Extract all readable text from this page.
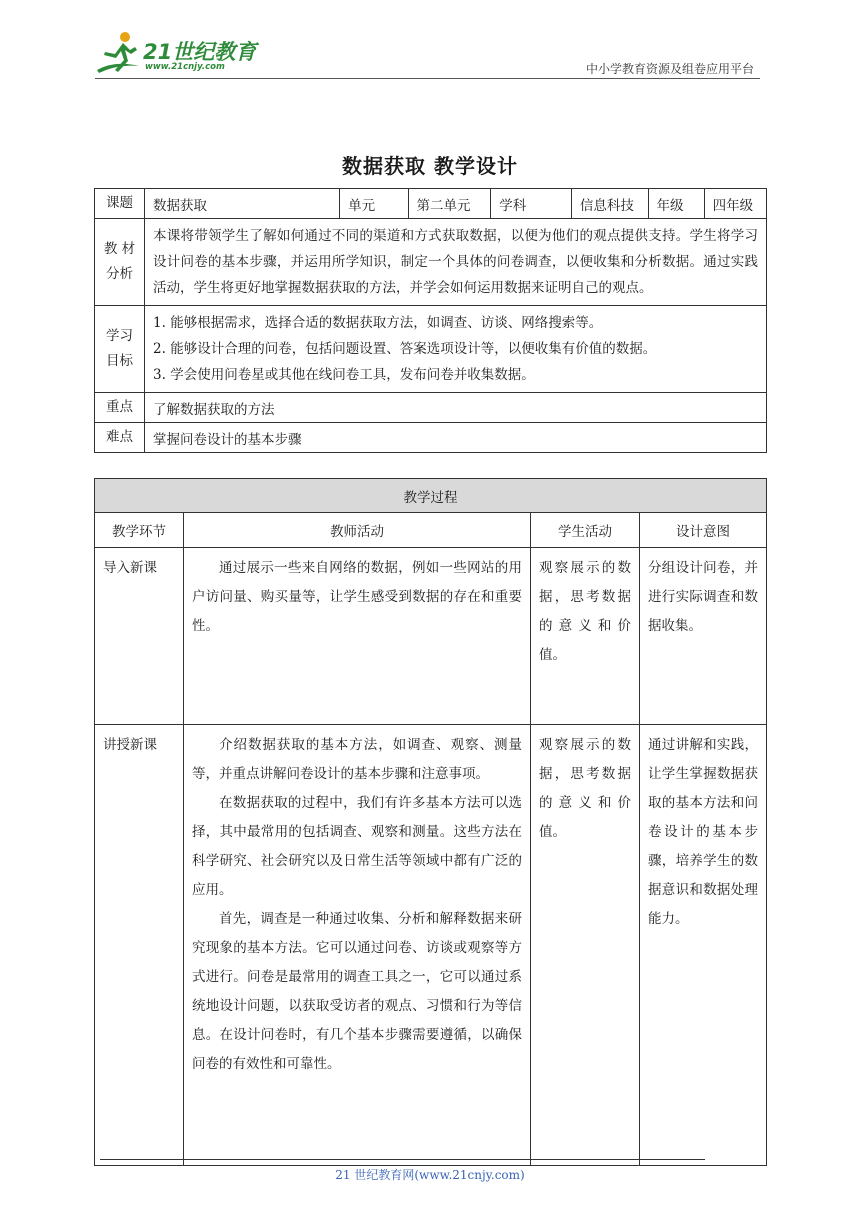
21世纪教育
www.21cnjy.com	中小学教育资源及组卷应用平台
数据获取 教学设计
课题	数据获取	单元	第二单元	学科	信息科技	年级	四年级
教 材 分析	本课将带领学生了解如何通过不同的渠道和方式获取数据，以便为他们的观点提供支持。学生将学习设计问卷的基本步骤，并运用所学知识，制定一个具体的问卷调查，以便收集和分析数据。通过实践活动，学生将更好地掌握数据获取的方法，并学会如何运用数据来证明自己的观点。						
学习 目标	1. 能够根据需求，选择合适的数据获取方法，如调查、访谈、网络搜索等。
2. 能够设计合理的问卷，包括问题设置、答案选项设计等，以便收集有价值的数据。
3. 学会使用问卷星或其他在线问卷工具，发布问卷并收集数据。						

重点	了解数据获取的方法						
难点	掌握问卷设计的基本步骤						
教学过程			
教学环节	教师活动	学生活动	设计意图
导入新课	通过展示一些来自网络的数据，例如一些网站的用户访问量、购买量等，让学生感受到数据的存在和重要性。	观察展示的数据，思考数据的意义和价值。	分组设计问卷，并进行实际调查和数据收集。
讲授新课	介绍数据获取的基本方法，如调查、观察、测量等，并重点讲解问卷设计的基本步骤和注意事项。

在数据获取的过程中，我们有许多基本方法可以选择，其中最常用的包括调查、观察和测量。这些方法在科学研究、社会研究以及日常生活等领域中都有广泛的应用。

首先，调查是一种通过收集、分析和解释数据来研究现象的基本方法。它可以通过问卷、访谈或观察等方式进行。问卷是最常用的调查工具之一，它可以通过系统地设计问题，以获取受访者的观点、习惯和行为等信息。在设计问卷时，有几个基本步骤需要遵循，以确保问卷的有效性和可靠性。	观察展示的数据，思考数据的意义和价值。	通过讲解和实践，让学生掌握数据获取的基本方法和问卷设计的基本步骤，培养学生的数据意识和数据处理能力。
21 世纪教育网(www.21cnjy.com)
